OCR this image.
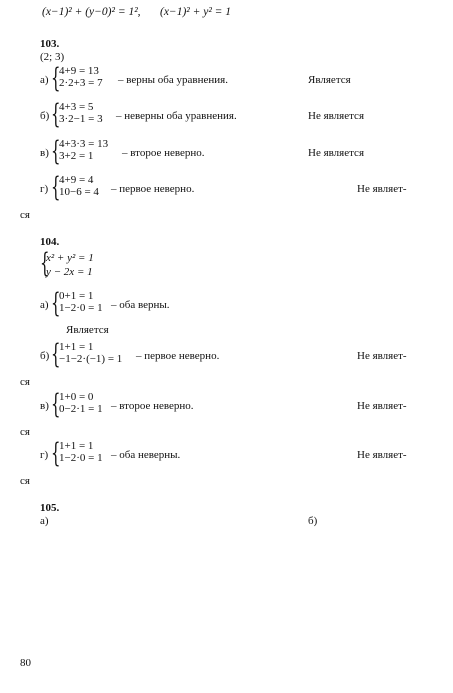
(x−1)² + (y−0)² = 1², (x−1)² + y² = 1
103.
(2; 3)
а) {
4+9 = 13
2·2+3 = 7 – верны оба уравнения.	Является
б) {
4+3 = 5
3·2−1 = 3 – неверны оба уравнения.	Не является
в) {
4+3·3 = 13
3+2 = 1	– второе неверно.	Не является
г) {
4+9 = 4
10−6 = 4 – первое неверно.	Не являет-
ся
104.
{
x² + y² = 1
y − 2x = 1
а) {
0+1 = 1
1−2·0 = 1 – оба верны.
Является
б) {
1+1 = 1
−1−2·(−1) = 1 – первое неверно.	Не являет-
ся
в) {
1+0 = 0
0−2·1 = 1 – второе неверно.	Не являет-
ся
г) {
1+1 = 1
1−2·0 = 1 – оба неверны.	Не являет-
ся
105.
а)	б)
80
